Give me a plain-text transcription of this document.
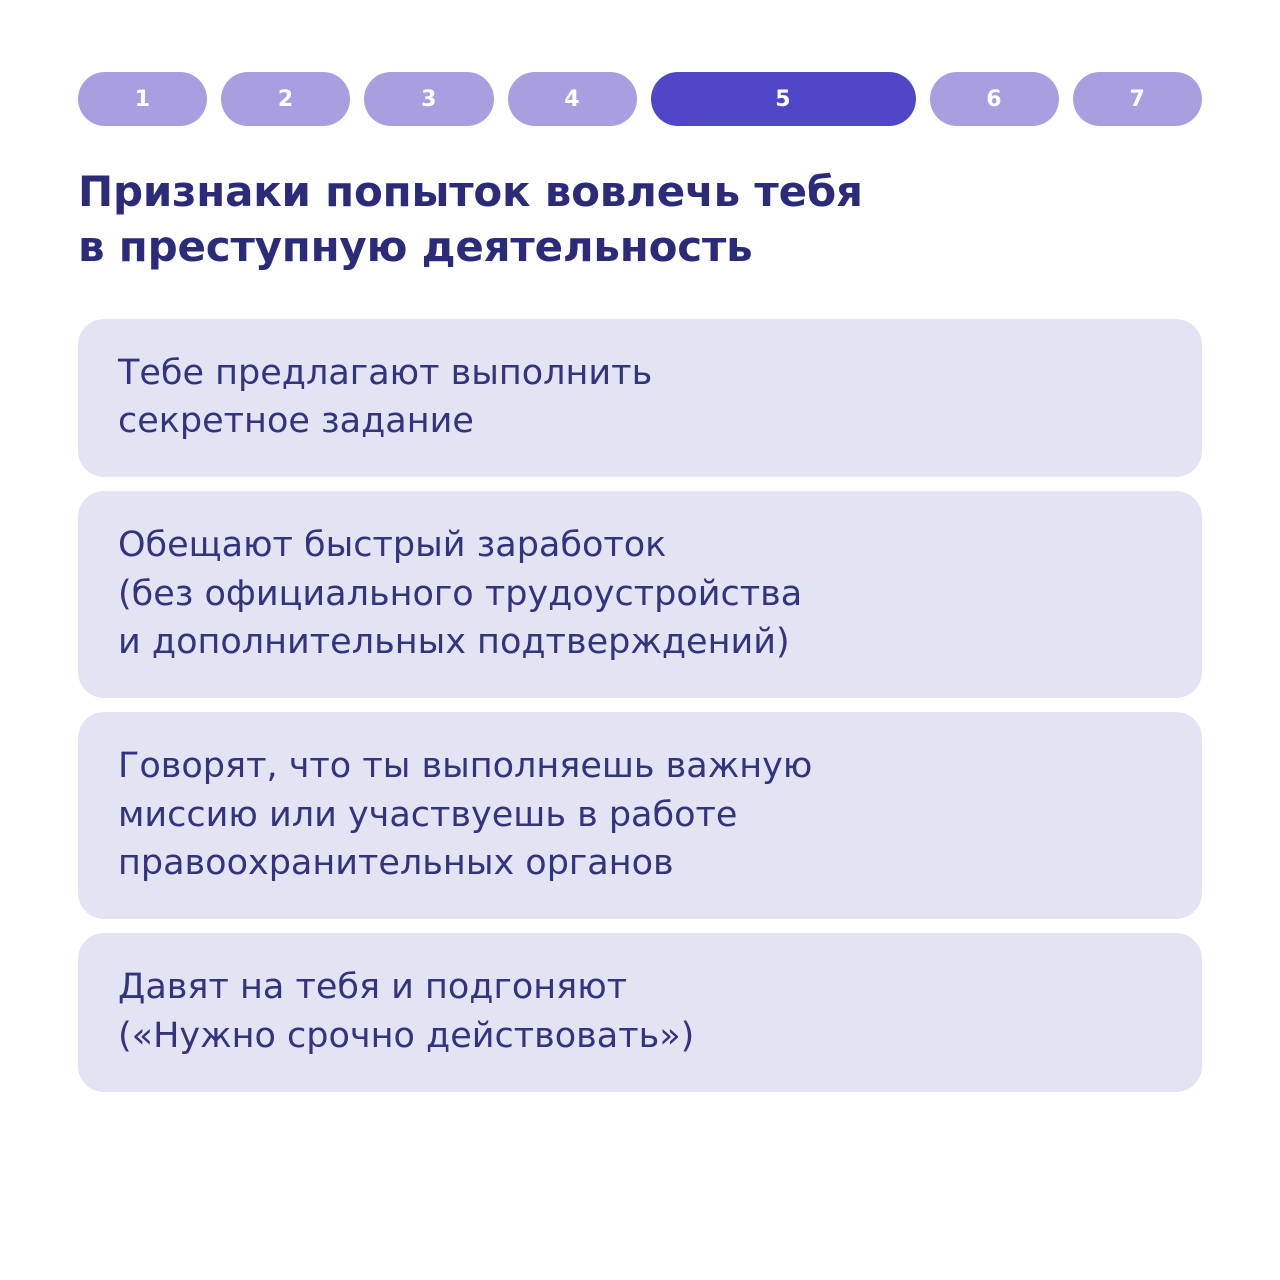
1	2	3	4	5	6	7
Признаки попыток вовлечь тебя
в преступную деятельность
Тебе предлагают выполнить
секретное задание
Обещают быстрый заработок
(без официального трудоустройства
и дополнительных подтверждений)
Говорят, что ты выполняешь важную
миссию или участвуешь в работе
правоохранительных органов
Давят на тебя и подгоняют
(«Нужно срочно действовать»)
